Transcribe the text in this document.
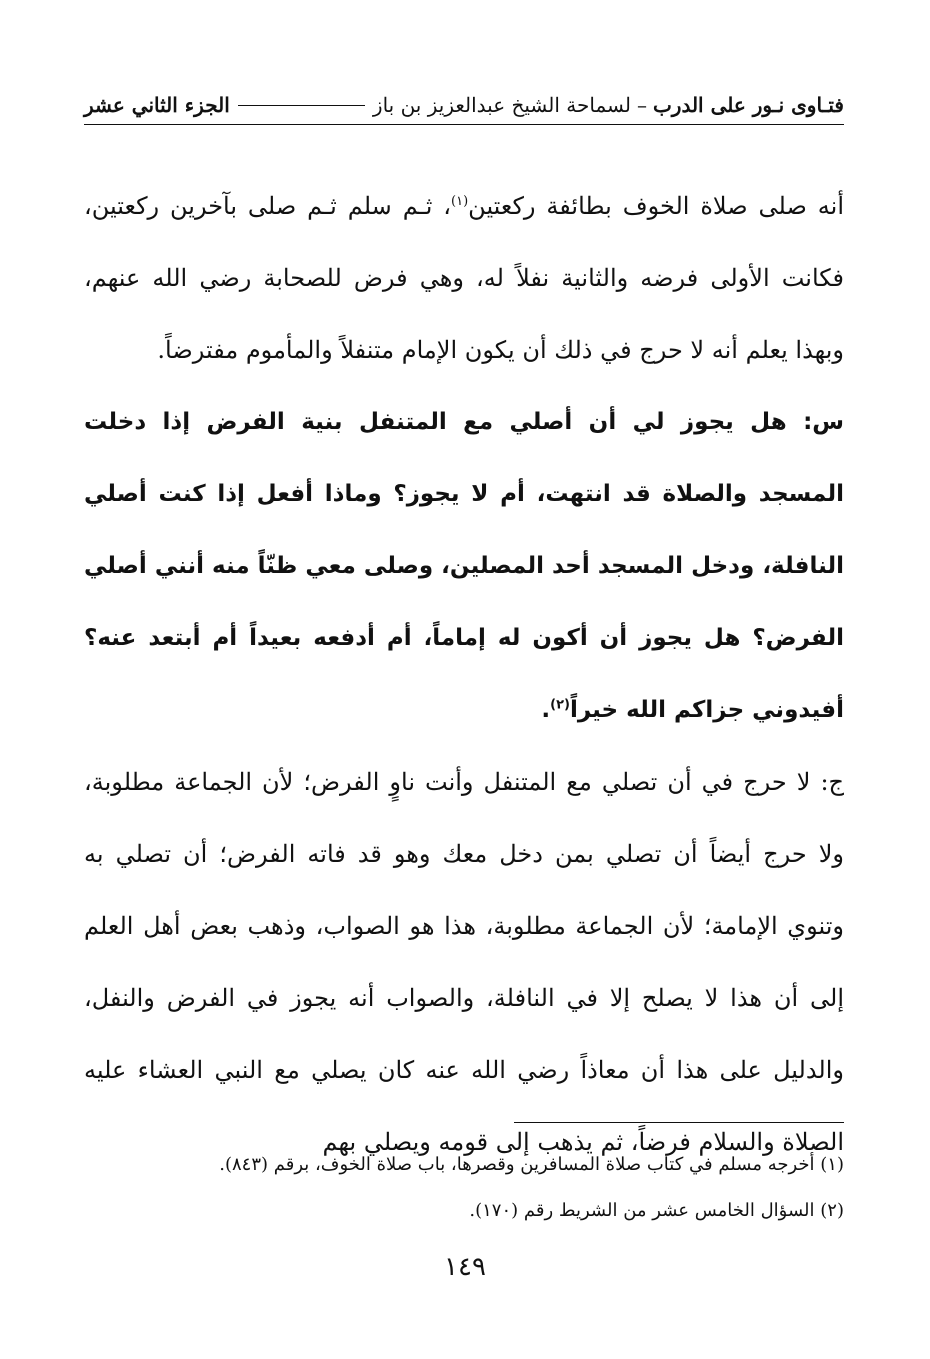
فتـاوى نـور على الدرب
–
لسماحة الشيخ عبدالعزيز بن باز
الجزء الثاني عشر

أنه صلى صلاة الخوف بطائفة ركعتين$^{(١)}$، ثـم سلم ثـم صلى بآخرين ركعتين، فكانت الأولى فرضه والثانية نفلاً له، وهي فرض للصحابة رضي الله عنهم، وبهذا يعلم أنه لا حرج في ذلك أن يكون الإمام متنفلاً والمأموم مفترضاً.

س: هل يجوز لي أن أصلي مع المتنفل بنية الفرض إذا دخلت المسجد والصلاة قد انتهت، أم لا يجوز؟ وماذا أفعل إذا كنت أصلي النافلة، ودخل المسجد أحد المصلين، وصلى معي ظنّاً منه أنني أصلي الفرض؟ هل يجوز أن أكون له إماماً، أم أدفعه بعيداً أم أبتعد عنه؟ أفيدوني جزاكم الله خيراً$^{(٢)}$.

ج: لا حرج في أن تصلي مع المتنفل وأنت ناوٍ الفرض؛ لأن الجماعة مطلوبة، ولا حرج أيضاً أن تصلي بمن دخل معك وهو قد فاته الفرض؛ أن تصلي به وتنوي الإمامة؛ لأن الجماعة مطلوبة، هذا هو الصواب، وذهب بعض أهل العلم إلى أن هذا لا يصلح إلا في النافلة، والصواب أنه يجوز في الفرض والنفل، والدليل على هذا أن معاذاً رضي الله عنه كان يصلي مع النبي العشاء عليه الصلاة والسلام فرضاً، ثم يذهب إلى قومه ويصلي بهم

(١) أخرجه مسلم في كتاب صلاة المسافرين وقصرها، باب صلاة الخوف، برقم (٨٤٣).

(٢) السؤال الخامس عشر من الشريط رقم (١٧٠).

١٤٩
